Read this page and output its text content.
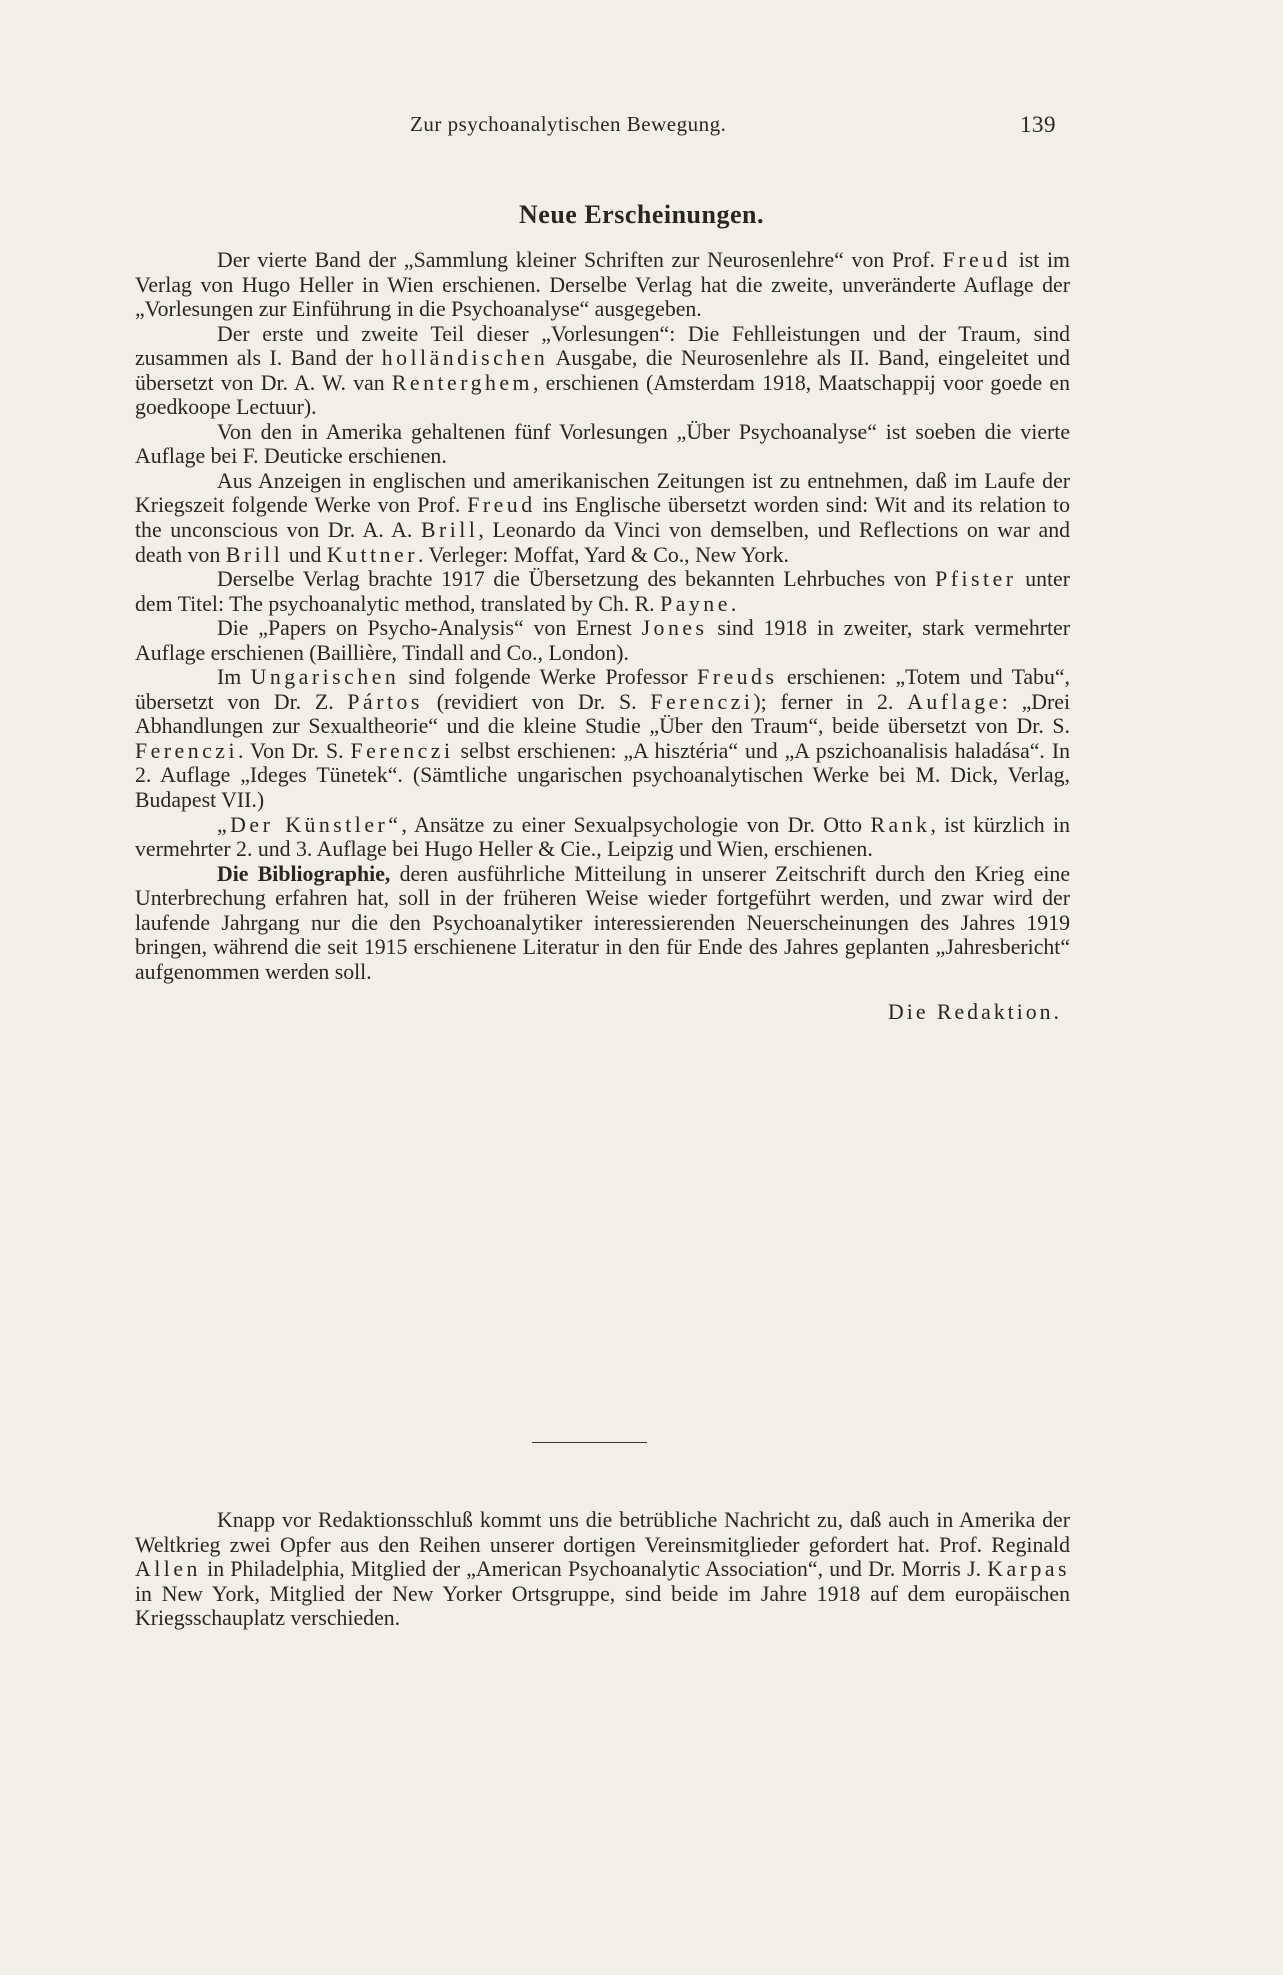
Zur psychoanalytischen Bewegung.	139
Neue Erscheinungen.

Der vierte Band der „Sammlung kleiner Schriften zur Neurosenlehre“ von Prof. Freud ist im Verlag von Hugo Heller in Wien erschienen. Derselbe Verlag hat die zweite, unveränderte Auflage der „Vorlesungen zur Einführung in die Psychoanalyse“ ausgegeben.

Der erste und zweite Teil dieser „Vorlesungen“: Die Fehlleistungen und der Traum, sind zusammen als I. Band der holländischen Ausgabe, die Neurosenlehre als II. Band, eingeleitet und übersetzt von Dr. A. W. van Renterghem, erschienen (Amsterdam 1918, Maatschappij voor goede en goedkoope Lectuur).

Von den in Amerika gehaltenen fünf Vorlesungen „Über Psychoanalyse“ ist soeben die vierte Auflage bei F. Deuticke erschienen.

Aus Anzeigen in englischen und amerikanischen Zeitungen ist zu entnehmen, daß im Laufe der Kriegszeit folgende Werke von Prof. Freud ins Englische übersetzt worden sind: Wit and its relation to the unconscious von Dr. A. A. Brill, Leonardo da Vinci von demselben, und Reflections on war and death von Brill und Kuttner. Verleger: Moffat, Yard & Co., New York.

Derselbe Verlag brachte 1917 die Übersetzung des bekannten Lehrbuches von Pfister unter dem Titel: The psychoanalytic method, translated by Ch. R. Payne.

Die „Papers on Psycho-Analysis“ von Ernest Jones sind 1918 in zweiter, stark vermehrter Auflage erschienen (Baillière, Tindall and Co., London).

Im Ungarischen sind folgende Werke Professor Freuds erschienen: „Totem und Tabu“, übersetzt von Dr. Z. Pártos (revidiert von Dr. S. Ferenczi); ferner in 2. Auflage: „Drei Abhandlungen zur Sexualtheorie“ und die kleine Studie „Über den Traum“, beide übersetzt von Dr. S. Ferenczi. Von Dr. S. Ferenczi selbst erschienen: „A hisztéria“ und „A pszichoanalisis haladása“. In 2. Auflage „Ideges Tünetek“. (Sämtliche ungarischen psychoanalytischen Werke bei M. Dick, Verlag, Budapest VII.)

„Der Künstler“, Ansätze zu einer Sexualpsychologie von Dr. Otto Rank, ist kürzlich in vermehrter 2. und 3. Auflage bei Hugo Heller & Cie., Leipzig und Wien, erschienen.

Die Bibliographie, deren ausführliche Mitteilung in unserer Zeitschrift durch den Krieg eine Unterbrechung erfahren hat, soll in der früheren Weise wieder fortgeführt werden, und zwar wird der laufende Jahrgang nur die den Psychoanalytiker interessierenden Neuerscheinungen des Jahres 1919 bringen, während die seit 1915 erschienene Literatur in den für Ende des Jahres geplanten „Jahresbericht“ aufgenommen werden soll.

Die Redaktion.

Knapp vor Redaktionsschluß kommt uns die betrübliche Nachricht zu, daß auch in Amerika der Weltkrieg zwei Opfer aus den Reihen unserer dortigen Vereinsmitglieder gefordert hat. Prof. Reginald Allen in Philadelphia, Mitglied der „American Psychoanalytic Association“, und Dr. Morris J. Karpas in New York, Mitglied der New Yorker Ortsgruppe, sind beide im Jahre 1918 auf dem europäischen Kriegsschauplatz verschieden.
